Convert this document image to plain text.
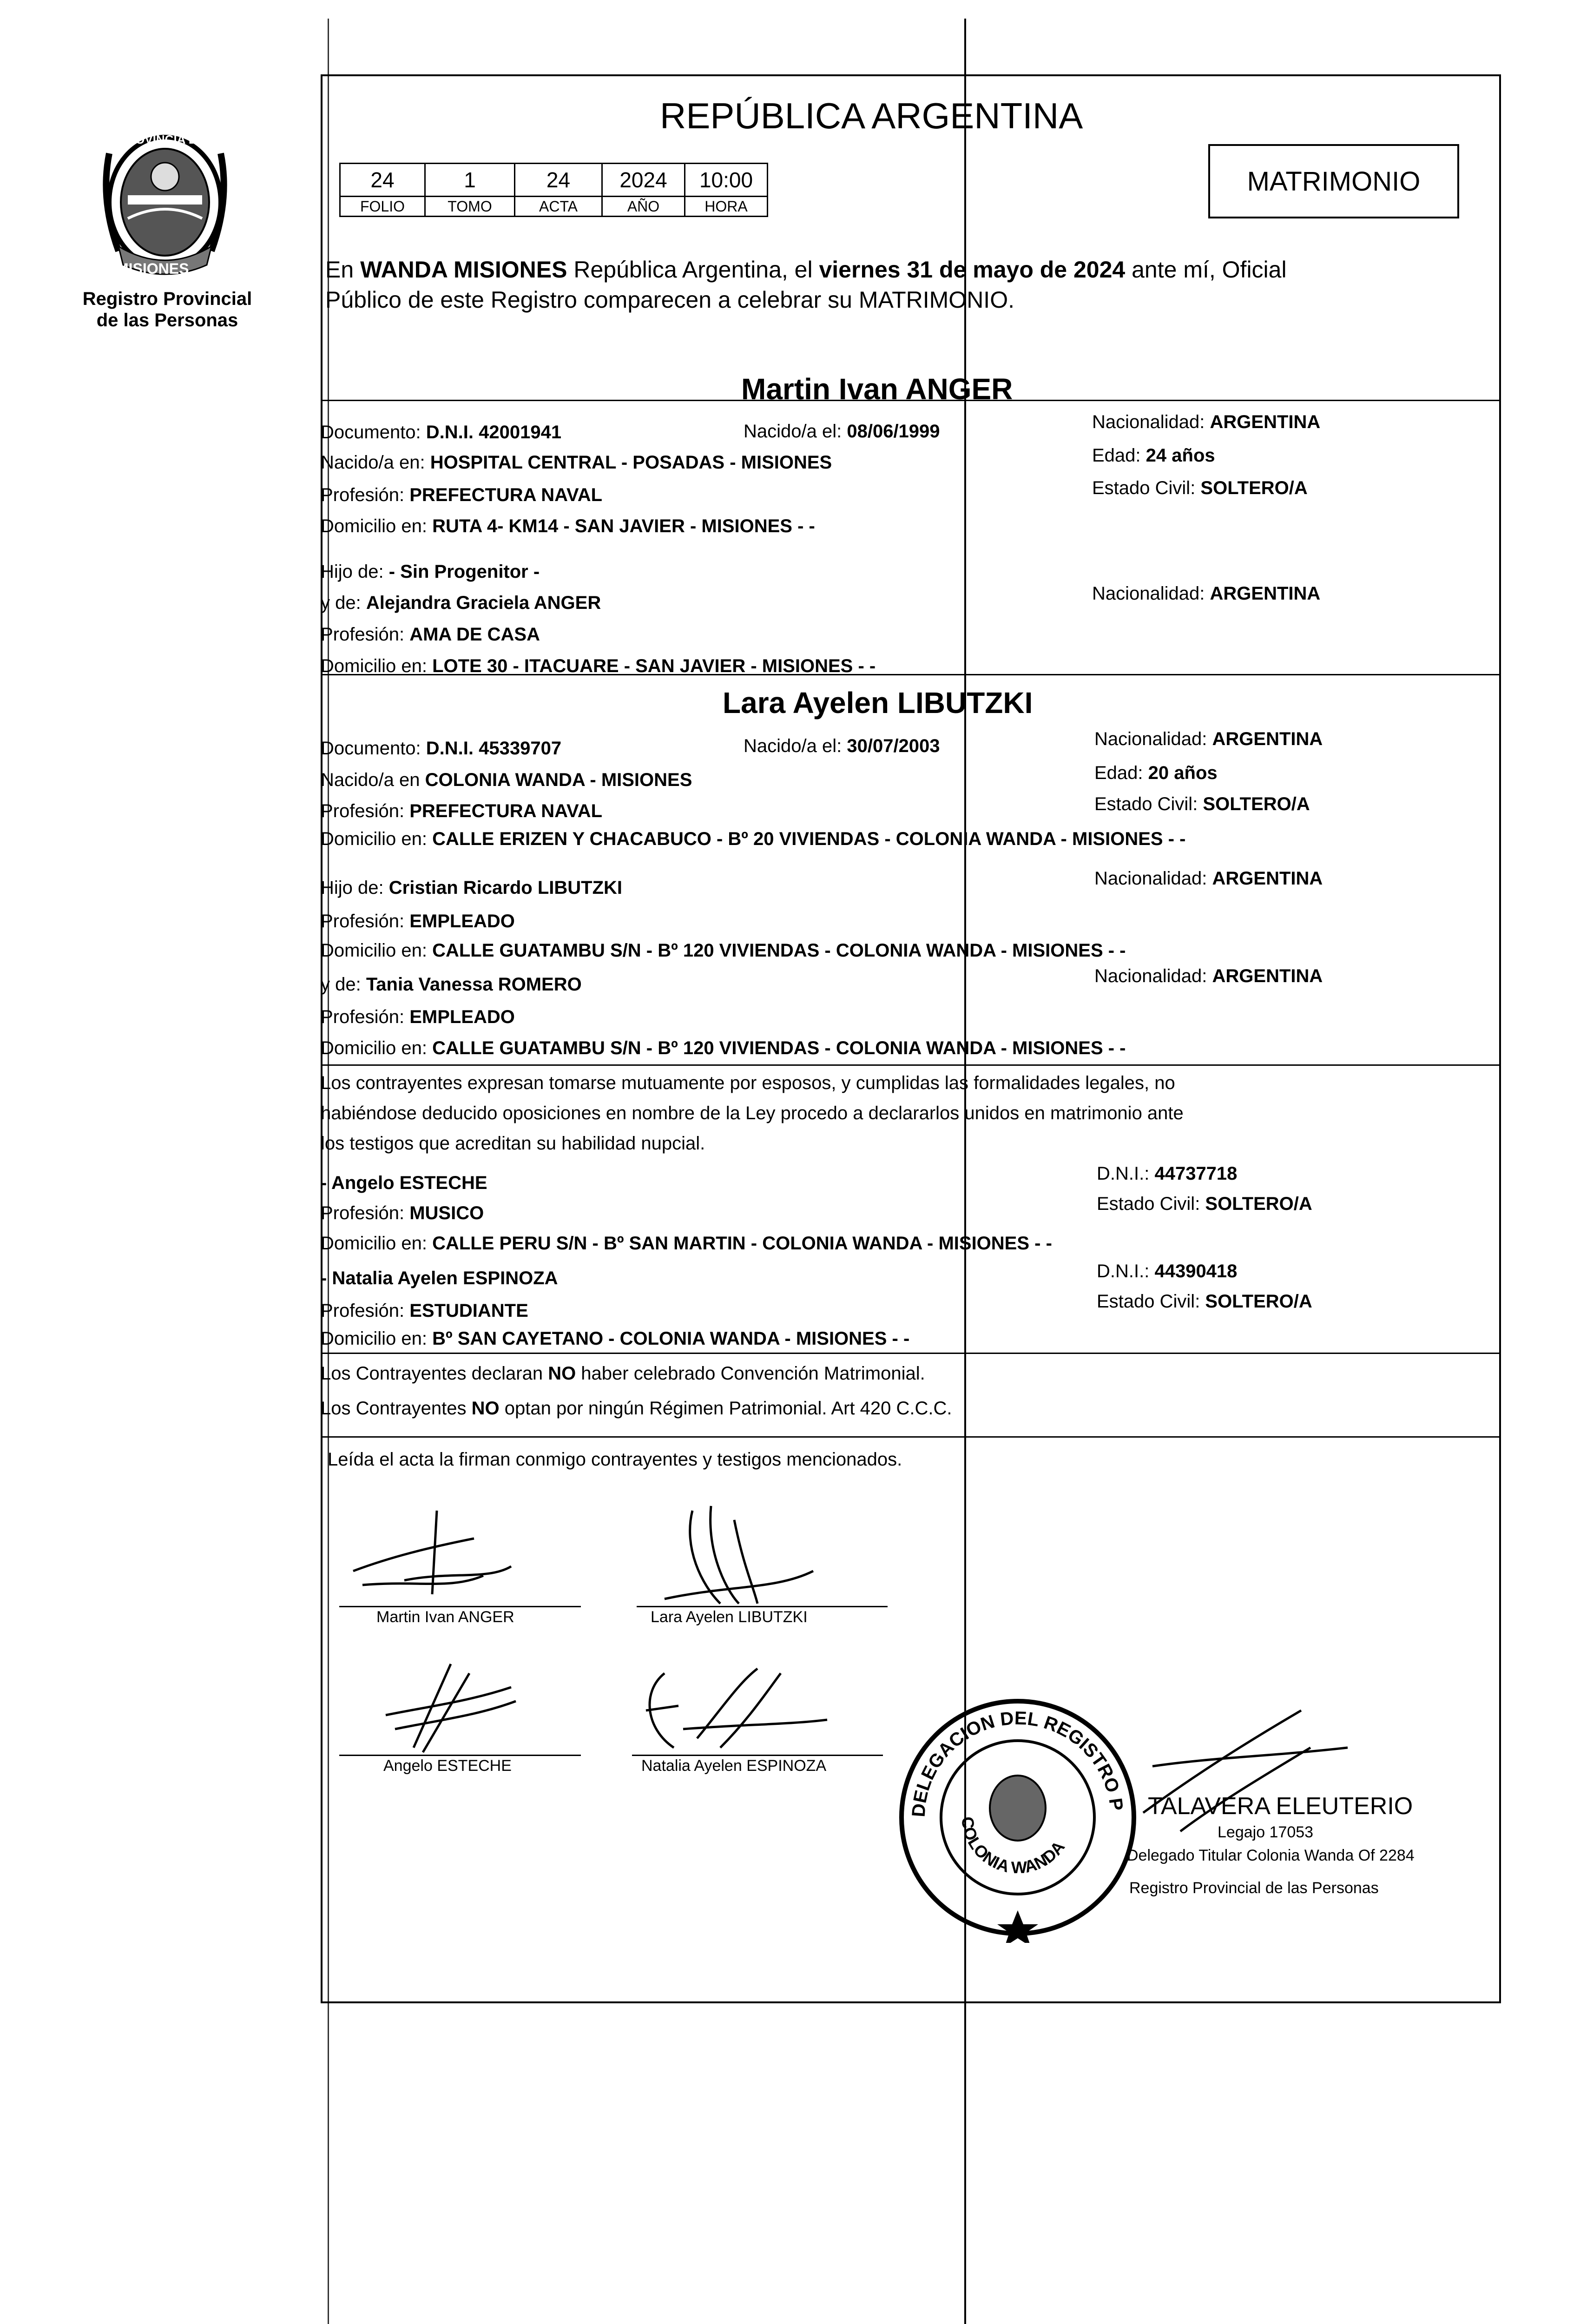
PROVINCIA DE
MISIONES
Registro Provincial
de las Personas
REPÚBLICA ARGENTINA
24	1	24	2024	10:00
FOLIO	TOMO	ACTA	AÑO	HORA
MATRIMONIO
En WANDA MISIONES República Argentina, el viernes 31 de mayo de 2024 ante mí, Oficial
Público de este Registro comparecen a celebrar su MATRIMONIO.
Martin Ivan ANGER
Documento: D.N.I. 42001941	Nacido/a el: 08/06/1999	Nacionalidad: ARGENTINA
Nacido/a en: HOSPITAL CENTRAL - POSADAS - MISIONES	Edad: 24 años
Profesión: PREFECTURA NAVAL	Estado Civil: SOLTERO/A
Domicilio en: RUTA 4- KM14 - SAN JAVIER - MISIONES - -
Hijo de: - Sin Progenitor -
y de: Alejandra Graciela ANGER	Nacionalidad: ARGENTINA
Profesión: AMA DE CASA
Domicilio en: LOTE 30 - ITACUARE - SAN JAVIER - MISIONES - -
Lara Ayelen LIBUTZKI
Documento: D.N.I. 45339707	Nacido/a el: 30/07/2003	Nacionalidad: ARGENTINA
Nacido/a en COLONIA WANDA - MISIONES	Edad: 20 años
Profesión: PREFECTURA NAVAL	Estado Civil: SOLTERO/A
Domicilio en: CALLE ERIZEN Y CHACABUCO - Bº 20 VIVIENDAS - COLONIA WANDA - MISIONES - -
Hijo de: Cristian Ricardo LIBUTZKI	Nacionalidad: ARGENTINA
Profesión: EMPLEADO
Domicilio en: CALLE GUATAMBU S/N - Bº 120 VIVIENDAS - COLONIA WANDA - MISIONES - -
y de: Tania Vanessa ROMERO	Nacionalidad: ARGENTINA
Profesión: EMPLEADO
Domicilio en: CALLE GUATAMBU S/N - Bº 120 VIVIENDAS - COLONIA WANDA - MISIONES - -
Los contrayentes expresan tomarse mutuamente por esposos, y cumplidas las formalidades legales, no
habiéndose deducido oposiciones en nombre de la Ley procedo a declararlos unidos en matrimonio ante
los testigos que acreditan su habilidad nupcial.
- Angelo ESTECHE	D.N.I.: 44737718
Profesión: MUSICO	Estado Civil: SOLTERO/A
Domicilio en: CALLE PERU S/N - Bº SAN MARTIN - COLONIA WANDA - MISIONES - -
- Natalia Ayelen ESPINOZA	D.N.I.: 44390418
Profesión: ESTUDIANTE	Estado Civil: SOLTERO/A
Domicilio en: Bº SAN CAYETANO - COLONIA WANDA - MISIONES - -
Los Contrayentes declaran NO haber celebrado Convención Matrimonial.
Los Contrayentes NO optan por ningún Régimen Patrimonial. Art 420 C.C.C.
Leída el acta la firman conmigo contrayentes y testigos mencionados.
Martin Ivan ANGER	Lara Ayelen LIBUTZKI
Angelo ESTECHE	Natalia Ayelen ESPINOZA
DELEGACION DEL REGISTRO P
COLONIA WANDA
TALAVERA ELEUTERIO
Legajo 17053
Delegado Titular Colonia Wanda Of 2284
Registro Provincial de las Personas
